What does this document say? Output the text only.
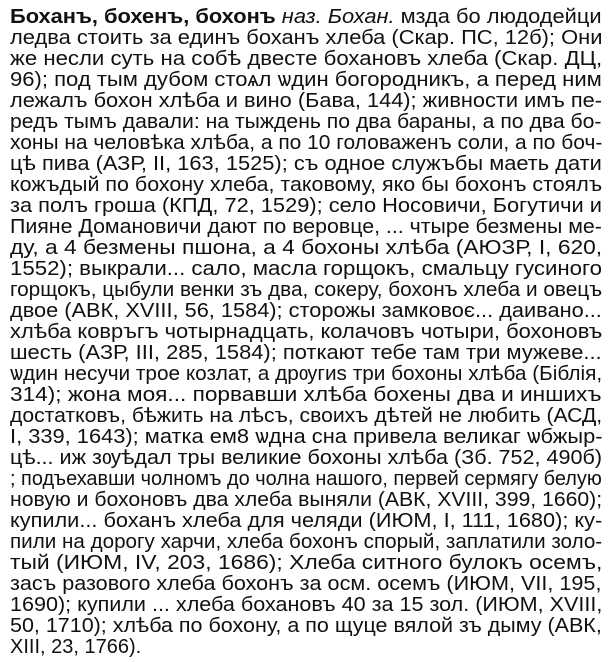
Боханъ, бохенъ, бохонъ наз. Бохан. мзда бо людодейци
ледва стоить за единъ боханъ хлеба (Скар. ПС, 12б); Они
же несли суть на собѣ двесте бохановъ хлеба (Скар. ДЦ,
96); под тым дубом стоѧл ѡдин богородникъ, а перед ним
лежалъ бохон хлѣба и вино (Бава, 144); живности имъ пе-
редъ тымъ давали: на тыждень по два бараны, а по два бо-
хоны на человѣка хлѣба, а по 10 головаженъ соли, а по боч-
цѣ пива (АЗР, II, 163, 1525); съ одное служъбы маеть дати
кожъдый по бохону хлеба, таковому, яко бы бохонъ стоялъ
за полъ гроша (КПД, 72, 1529); село Носовичи, Богутичи и
Пияне Домановичи дают по веровце, ... чтыре безмены ме-
ду, а 4 безмены пшона, а 4 бохоны хлѣба (АЮЗР, I, 620,
1552); выкрали... сало, масла горщокъ, смальцу гусиного
горщокъ, цыбули венки зъ два, сокеру, бохонъ хлеба и овецъ
двое (АВК, XVIII, 56, 1584); сторожы замковоє... даивано...
хлѣба ковръгъ чотырнадцать, колачовъ чотыри, бохоновъ
шесть (АЗР, III, 285, 1584); поткают тебе там три мужеве...
ѡдин несучи трое козлат, а дрѹгиѕ три бохоны хлѣба (Біблія,
314); жона моя... порвавши хлѣба бохены два и иншихъ
достатковъ, бѣжить на лѣсъ, своихъ дѣтей не любить (АСД,
I, 339, 1643); матка ем8 ѡдна сна привела великаг ѡбжыр-
цѣ... иж зѹѣдал тры великие бохоны хлѣба (Зб. 752, 490б)
; подъехавши чолномъ до чолна нашого, первей сермягу белую
новую и бохоновъ два хлеба выняли (АВК, XVIII, 399, 1660);
купили... боханъ хлеба для челяди (ИЮМ, I, 111, 1680); ку-
пили на дорогу харчи, хлеба бохонъ спорый, заплатили золо-
тый (ИЮМ, IV, 203, 1686); Хлеба ситного булокъ осемъ,
засъ разового хлеба бохонъ за осм. осемъ (ИЮМ, VII, 195,
1690); купили ... хлеба бохановъ 40 за 15 зол. (ИЮМ, XVIII,
50, 1710); хлѣба по бохону, а по щуце вялой зъ дыму (АВК,
XIII, 23, 1766).
